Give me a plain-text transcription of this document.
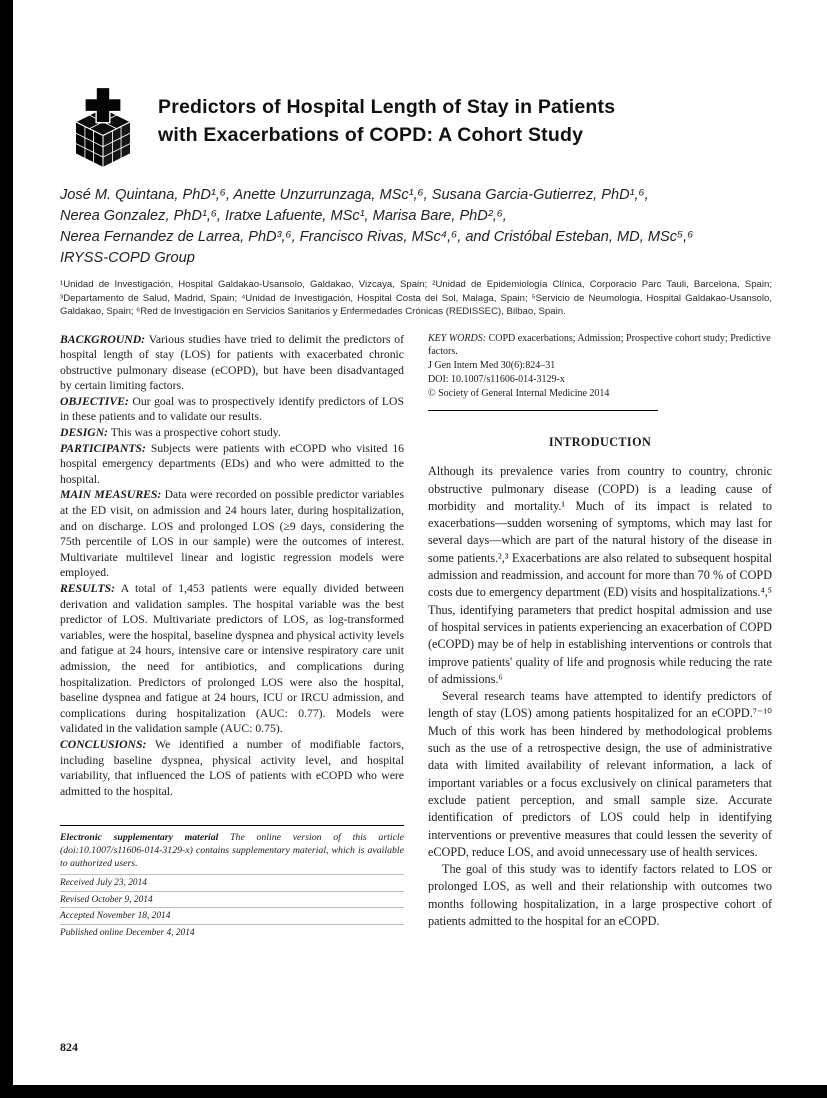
Predictors of Hospital Length of Stay in Patients
with Exacerbations of COPD: A Cohort Study
José M. Quintana, PhD¹,⁶, Anette Unzurrunzaga, MSc¹,⁶, Susana Garcia-Gutierrez, PhD¹,⁶,
Nerea Gonzalez, PhD¹,⁶, Iratxe Lafuente, MSc¹, Marisa Bare, PhD²,⁶,
Nerea Fernandez de Larrea, PhD³,⁶, Francisco Rivas, MSc⁴,⁶, and Cristóbal Esteban, MD, MSc⁵,⁶
IRYSS-COPD Group
¹Unidad de Investigación, Hospital Galdakao-Usansolo, Galdakao, Vizcaya, Spain; ²Unidad de Epidemiología Clínica, Corporacio Parc Tauli, Barcelona, Spain; ³Departamento de Salud, Madrid, Spain; ⁴Unidad de Investigación, Hospital Costa del Sol, Malaga, Spain; ⁵Servicio de Neumologia, Hospital Galdakao-Usansolo, Galdakao, Spain; ⁶Red de Investigación en Servicios Sanitarios y Enfermedades Crónicas (REDISSEC), Bilbao, Spain.

BACKGROUND: Various studies have tried to delimit the predictors of hospital length of stay (LOS) for patients with exacerbated chronic obstructive pulmonary disease (eCOPD), but have been disadvantaged by certain limiting factors.

OBJECTIVE: Our goal was to prospectively identify predictors of LOS in these patients and to validate our results.

DESIGN: This was a prospective cohort study.

PARTICIPANTS: Subjects were patients with eCOPD who visited 16 hospital emergency departments (EDs) and who were admitted to the hospital.

MAIN MEASURES: Data were recorded on possible predictor variables at the ED visit, on admission and 24 hours later, during hospitalization, and on discharge. LOS and prolonged LOS (≥9 days, considering the 75th percentile of LOS in our sample) were the outcomes of interest. Multivariate multilevel linear and logistic regression models were employed.

RESULTS: A total of 1,453 patients were equally divided between derivation and validation samples. The hospital variable was the best predictor of LOS. Multivariate predictors of LOS, as log-transformed variables, were the hospital, baseline dyspnea and physical activity levels and fatigue at 24 hours, intensive care or intensive respiratory care unit admission, the need for antibiotics, and complications during hospitalization. Predictors of prolonged LOS were also the hospital, baseline dyspnea and fatigue at 24 hours, ICU or IRCU admission, and complications during hospitalization (AUC: 0.77). Models were validated in the validation sample (AUC: 0.75).

CONCLUSIONS: We identified a number of modifiable factors, including baseline dyspnea, physical activity level, and hospital variability, that influenced the LOS of patients with eCOPD who were admitted to the hospital.

Electronic supplementary material The online version of this article (doi:10.1007/s11606-014-3129-x) contains supplementary material, which is available to authorized users.
Received July 23, 2014
Revised October 9, 2014
Accepted November 18, 2014
Published online December 4, 2014
KEY WORDS: COPD exacerbations; Admission; Prospective cohort study; Predictive factors.
J Gen Intern Med 30(6):824–31
DOI: 10.1007/s11606-014-3129-x
© Society of General Internal Medicine 2014
INTRODUCTION

Although its prevalence varies from country to country, chronic obstructive pulmonary disease (COPD) is a leading cause of morbidity and mortality.¹ Much of its impact is related to exacerbations—sudden worsening of symptoms, which may last for several days—which are part of the natural history of the disease in some patients.²,³ Exacerbations are also related to subsequent hospital admission and readmission, and account for more than 70 % of COPD costs due to emergency department (ED) visits and hospitalizations.⁴,⁵ Thus, identifying parameters that predict hospital admission and use of hospital services in patients experiencing an exacerbation of COPD (eCOPD) may be of help in establishing interventions or controls that improve patients' quality of life and prognosis while reducing the rate of admissions.⁶

Several research teams have attempted to identify predictors of length of stay (LOS) among patients hospitalized for an eCOPD.⁷⁻¹⁰ Much of this work has been hindered by methodological problems such as the use of a retrospective design, the use of administrative data with limited availability of relevant information, a lack of important variables or a focus exclusively on clinical parameters that exclude patient perception, and small sample size. Accurate identification of predictors of LOS could help in identifying interventions or preventive measures that could lessen the severity of eCOPD, reduce LOS, and avoid unnecessary use of health services.

The goal of this study was to identify factors related to LOS or prolonged LOS, as well and their relationship with outcomes two months following hospitalization, in a large prospective cohort of patients admitted to the hospital for an eCOPD.

824
